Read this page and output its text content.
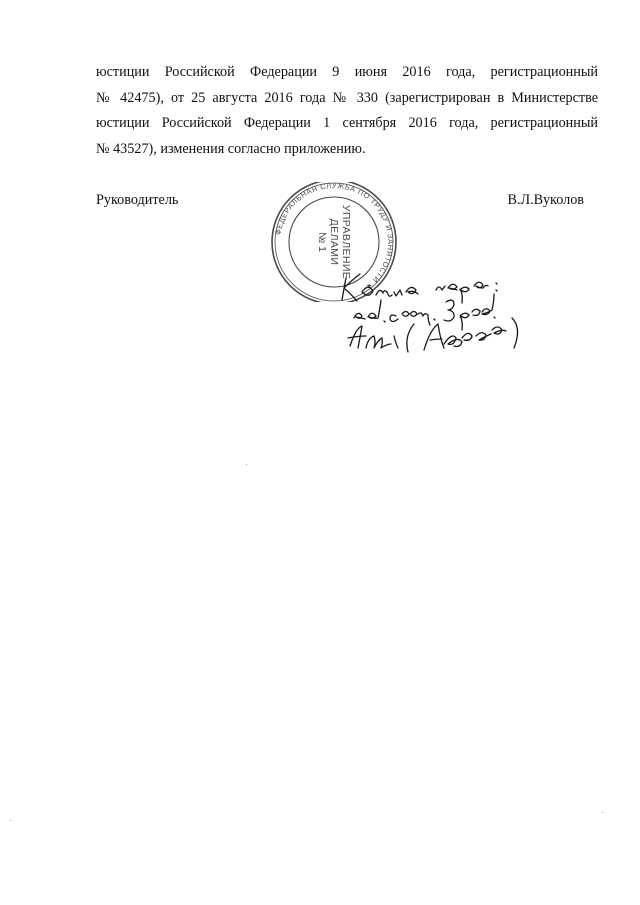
юстиции Российской Федерации 9 июня 2016 года, регистрационный
№ 42475), от 25 августа 2016 года № 330 (зарегистрирован в Министерстве
юстиции Российской Федерации 1 сентября 2016 года, регистрационный
№ 43527), изменения согласно приложению.
Руководитель	В.Л.Вуколов
ФЕДЕРАЛЬНАЯ СЛУЖБА ПО ТРУДУ И ЗАНЯТОСТИ ★
УПРАВЛЕНИЕ
ДЕЛАМИ
№ 1
